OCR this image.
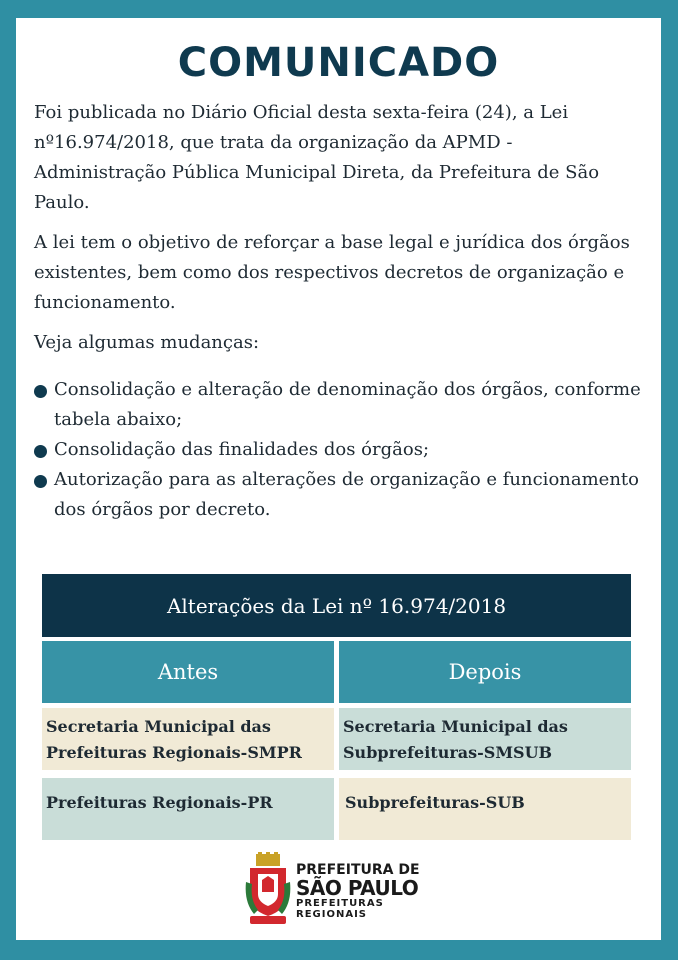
COMUNICADO
Foi publicada no Diário Oficial desta sexta-feira (24), a Lei nº16.974/2018, que trata da organização da APMD - Administração Pública Municipal Direta, da Prefeitura de São Paulo.
A lei tem o objetivo de reforçar a base legal e jurídica dos órgãos existentes, bem como dos respectivos decretos de organização e funcionamento.
Veja algumas mudanças:
Consolidação e alteração de denominação dos órgãos, conforme tabela abaixo;
Consolidação das finalidades dos órgãos;
Autorização para as alterações de organização e funcionamento dos órgãos por decreto.
Alterações da Lei nº 16.974/2018
Antes	Depois
Secretaria Municipal das Prefeituras Regionais-SMPR
Secretaria Municipal das Subprefeituras-SMSUB
Prefeituras Regionais-PR	Subprefeituras-SUB
PREFEITURA DE
SÃO PAULO
PREFEITURAS
REGIONAIS
